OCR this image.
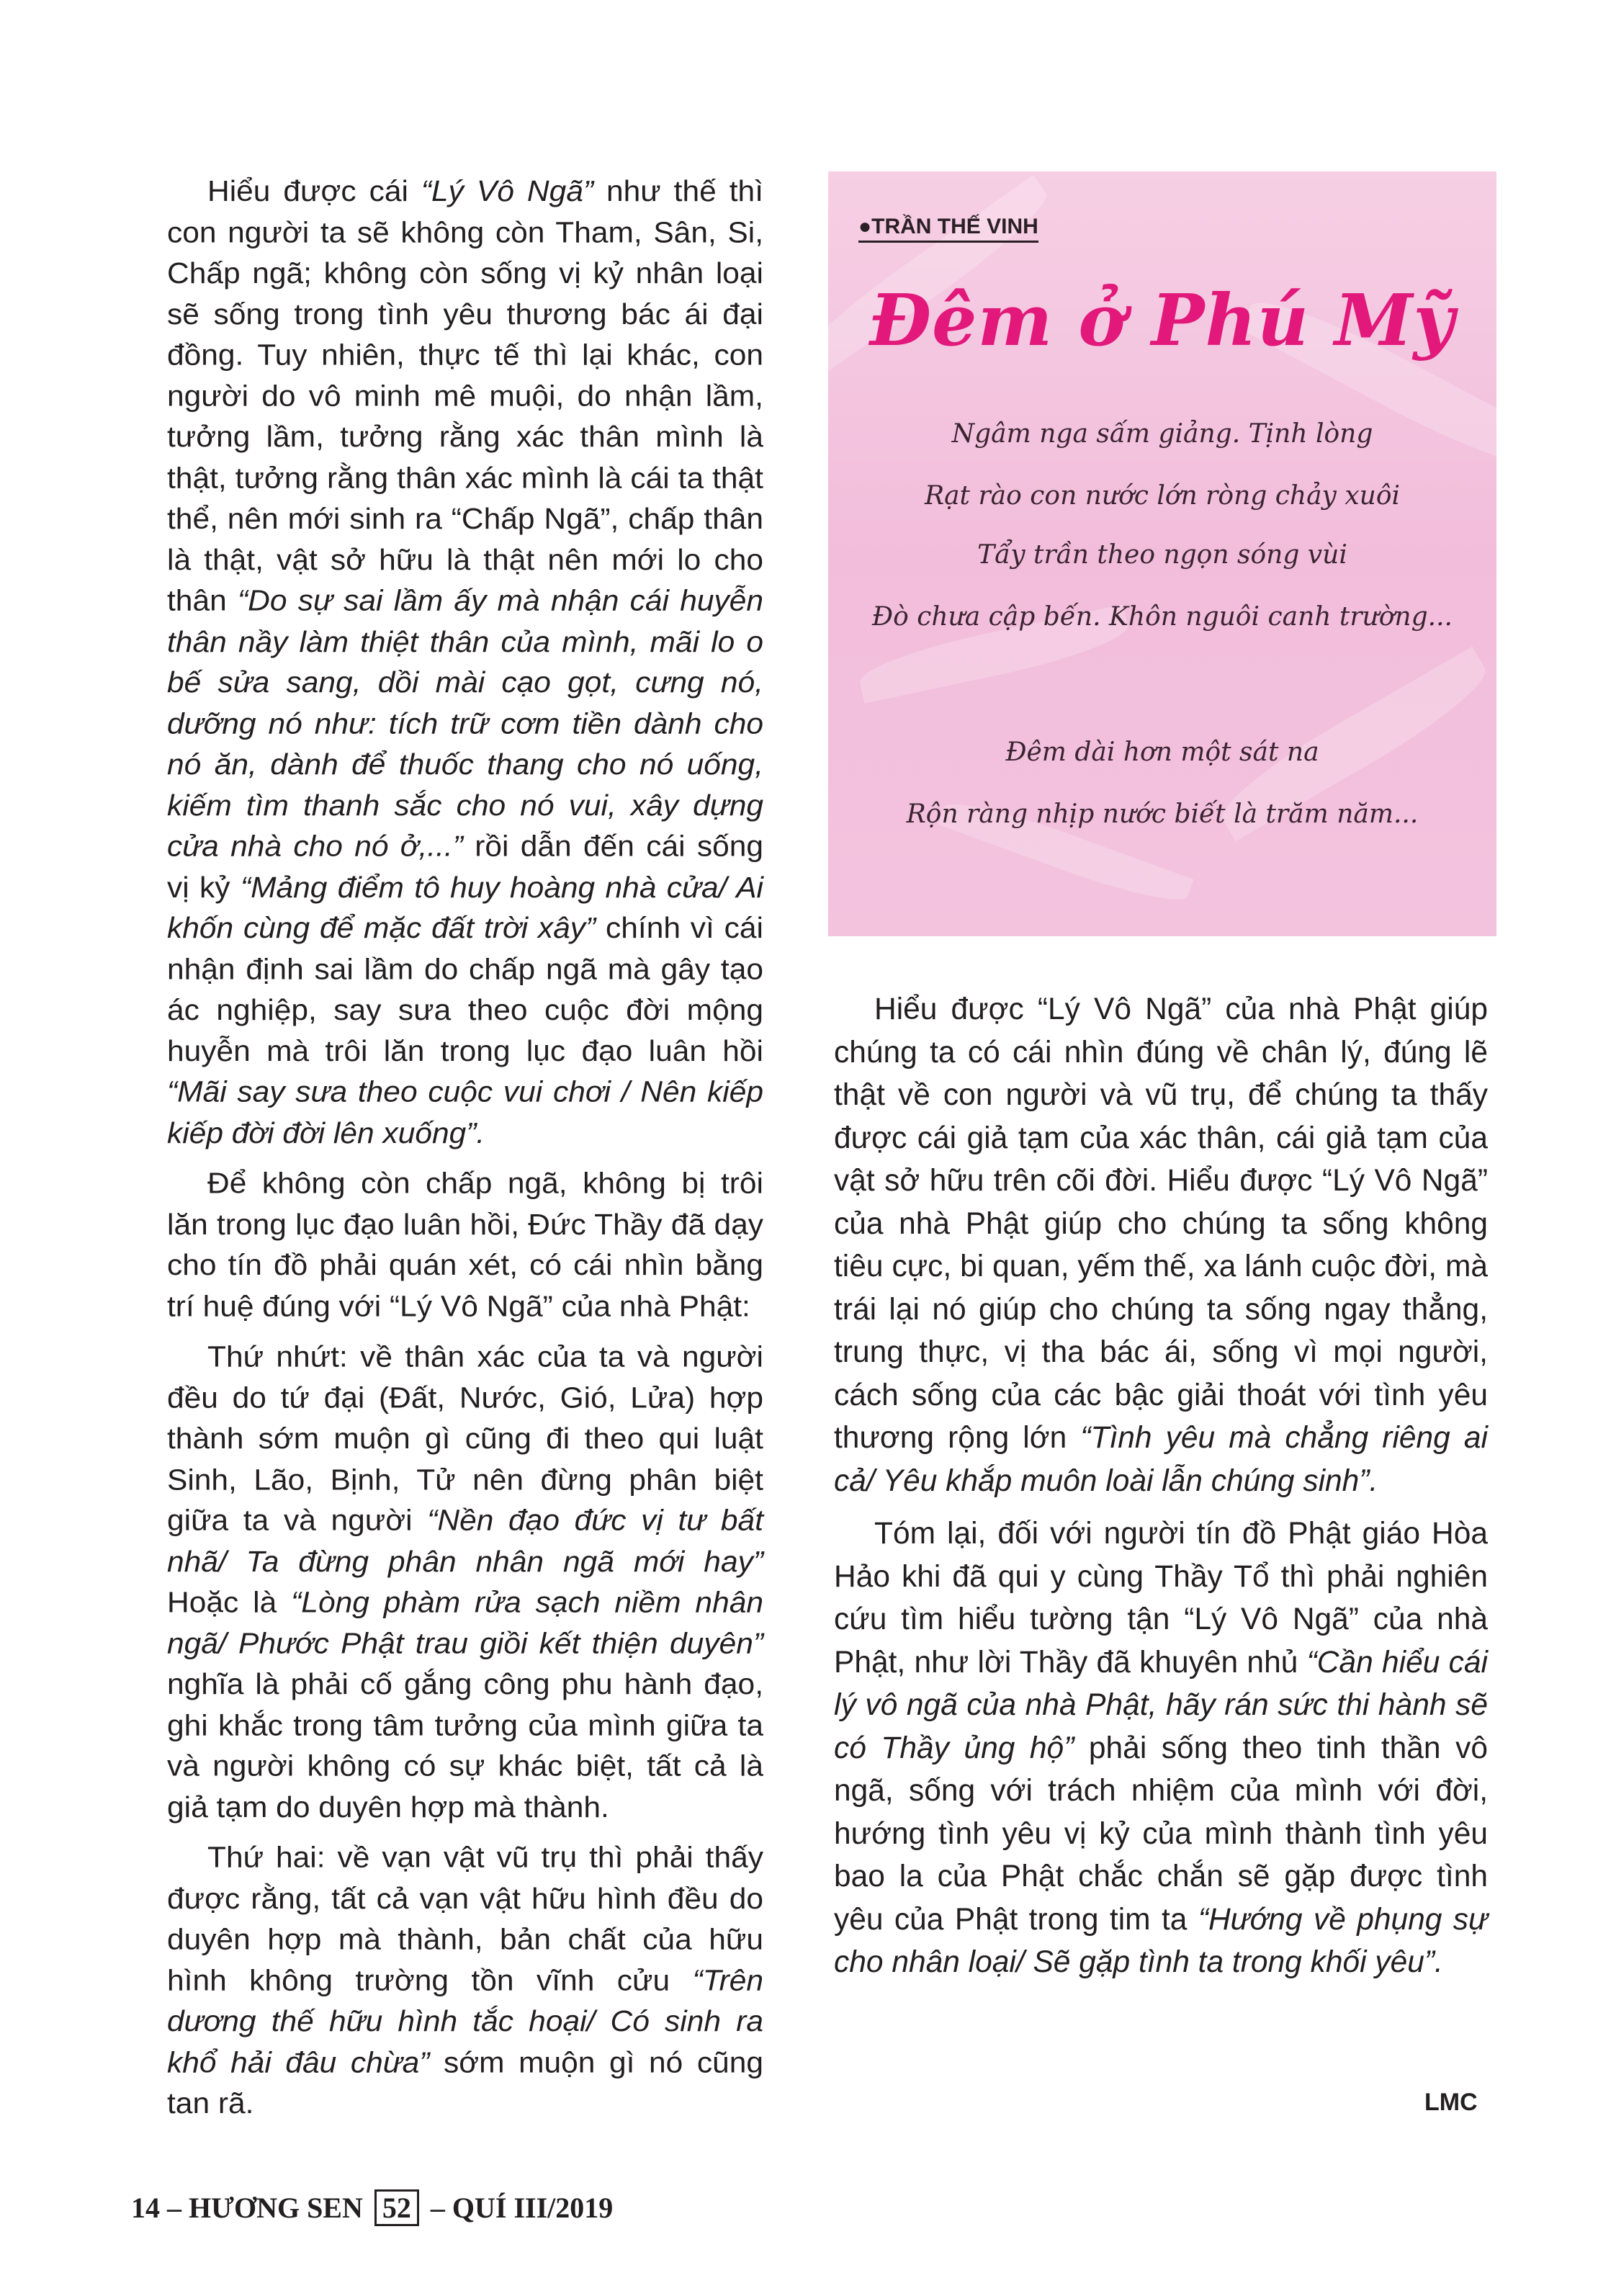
Hiểu được cái “Lý Vô Ngã” như thế thì con người ta sẽ không còn Tham, Sân, Si, Chấp ngã; không còn sống vị kỷ nhân loại sẽ sống trong tình yêu thương bác ái đại đồng. Tuy nhiên, thực tế thì lại khác, con người do vô minh mê muội, do nhận lầm, tưởng lầm, tưởng rằng xác thân mình là thật, tưởng rằng thân xác mình là cái ta thật thể, nên mới sinh ra “Chấp Ngã”, chấp thân là thật, vật sở hữu là thật nên mới lo cho thân “Do sự sai lầm ấy mà nhận cái huyễn thân nầy làm thiệt thân của mình, mãi lo o bế sửa sang, dồi mài cạo gọt, cưng nó, dưỡng nó như: tích trữ cơm tiền dành cho nó ăn, dành để thuốc thang cho nó uống, kiếm tìm thanh sắc cho nó vui, xây dựng cửa nhà cho nó ở,...” rồi dẫn đến cái sống vị kỷ “Mảng điểm tô huy hoàng nhà cửa/ Ai khốn cùng để mặc đất trời xây” chính vì cái nhận định sai lầm do chấp ngã mà gây tạo ác nghiệp, say sưa theo cuộc đời mộng huyễn mà trôi lăn trong lục đạo luân hồi “Mãi say sưa theo cuộc vui chơi / Nên kiếp kiếp đời đời lên xuống”.

Để không còn chấp ngã, không bị trôi lăn trong lục đạo luân hồi, Đức Thầy đã dạy cho tín đồ phải quán xét, có cái nhìn bằng trí huệ đúng với “Lý Vô Ngã” của nhà Phật:

Thứ nhứt: về thân xác của ta và người đều do tứ đại (Đất, Nước, Gió, Lửa) hợp thành sớm muộn gì cũng đi theo qui luật Sinh, Lão, Bịnh, Tử nên đừng phân biệt giữa ta và người “Nền đạo đức vị tư bất nhã/ Ta đừng phân nhân ngã mới hay” Hoặc là “Lòng phàm rửa sạch niềm nhân ngã/ Phước Phật trau giồi kết thiện duyên” nghĩa là phải cố gắng công phu hành đạo, ghi khắc trong tâm tưởng của mình giữa ta và người không có sự khác biệt, tất cả là giả tạm do duyên hợp mà thành.

Thứ hai: về vạn vật vũ trụ thì phải thấy được rằng, tất cả vạn vật hữu hình đều do duyên hợp mà thành, bản chất của hữu hình không trường tồn vĩnh cửu “Trên dương thế hữu hình tắc hoại/ Có sinh ra khổ hải đâu chừa” sớm muộn gì nó cũng tan rã.

●TRẦN THẾ VINH
Đêm ở Phú Mỹ
Ngâm nga sấm giảng. Tịnh lòng
Rạt rào con nước lớn ròng chảy xuôi
Tẩy trần theo ngọn sóng vùi
Đò chưa cập bến. Khôn nguôi canh trường...
Đêm dài hơn một sát na
Rộn ràng nhịp nước biết là trăm năm...

Hiểu được “Lý Vô Ngã” của nhà Phật giúp chúng ta có cái nhìn đúng về chân lý, đúng lẽ thật về con người và vũ trụ, để chúng ta thấy được cái giả tạm của xác thân, cái giả tạm của vật sở hữu trên cõi đời. Hiểu được “Lý Vô Ngã” của nhà Phật giúp cho chúng ta sống không tiêu cực, bi quan, yếm thế, xa lánh cuộc đời, mà trái lại nó giúp cho chúng ta sống ngay thẳng, trung thực, vị tha bác ái, sống vì mọi người, cách sống của các bậc giải thoát với tình yêu thương rộng lớn “Tình yêu mà chẳng riêng ai cả/ Yêu khắp muôn loài lẫn chúng sinh”.

Tóm lại, đối với người tín đồ Phật giáo Hòa Hảo khi đã qui y cùng Thầy Tổ thì phải nghiên cứu tìm hiểu tường tận “Lý Vô Ngã” của nhà Phật, như lời Thầy đã khuyên nhủ “Cần hiểu cái lý vô ngã của nhà Phật, hãy rán sức thi hành sẽ có Thầy ủng hộ” phải sống theo tinh thần vô ngã, sống với trách nhiệm của mình với đời, hướng tình yêu vị kỷ của mình thành tình yêu bao la của Phật chắc chắn sẽ gặp được tình yêu của Phật trong tim ta “Hướng về phụng sự cho nhân loại/ Sẽ gặp tình ta trong khối yêu”.

LMC
14 – HƯƠNG SEN 52 – QUÍ III/2019
